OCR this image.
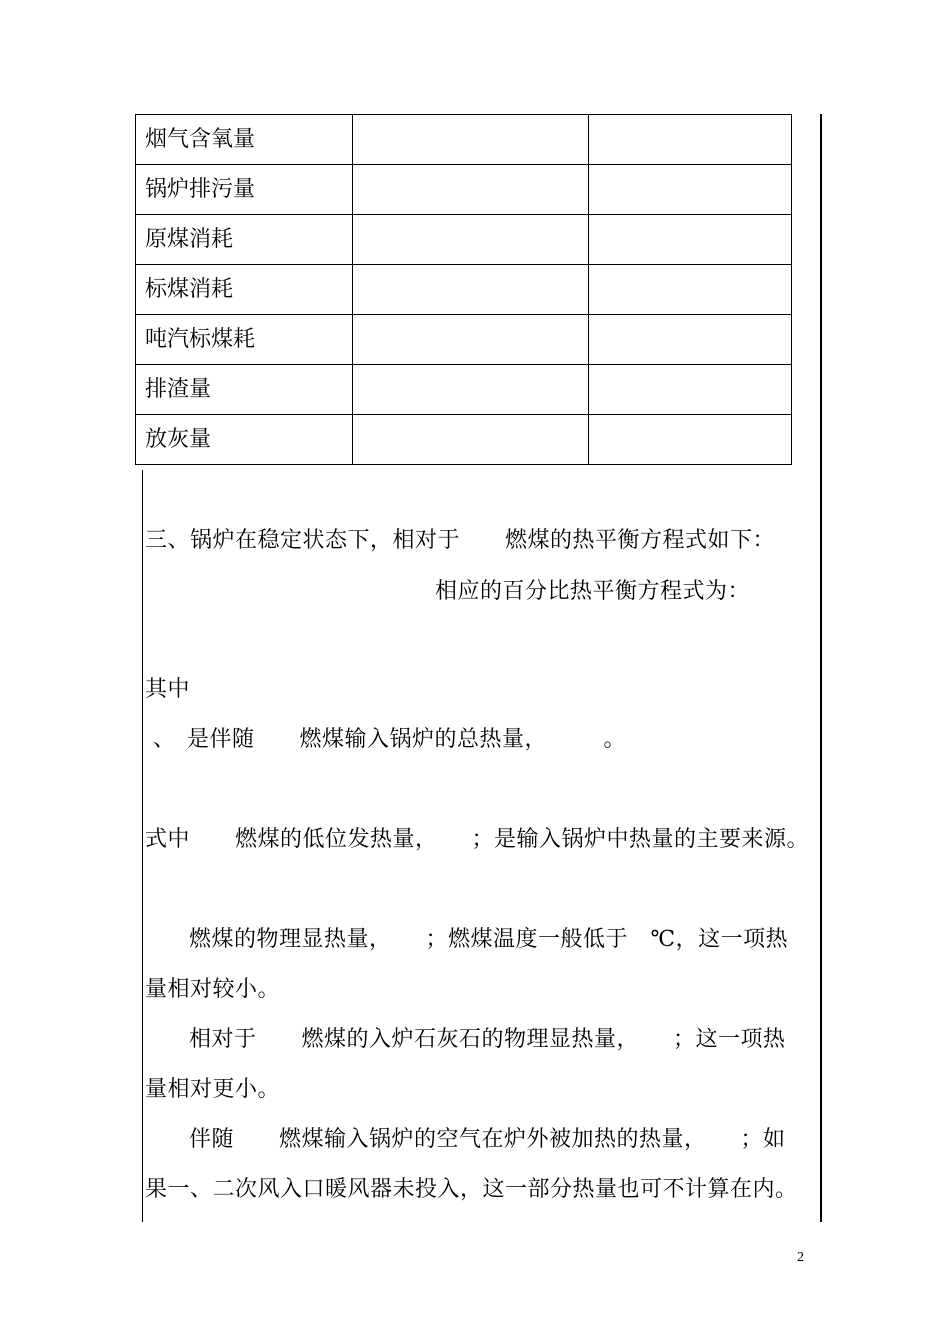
烟气含氧量		
锅炉排污量		
原煤消耗		
标煤消耗		
吨汽标煤耗		
排渣量		
放灰量		
三、锅炉在稳定状态下，相对于　　燃煤的热平衡方程式如下：
相应的百分比热平衡方程式为：
其中
、　是伴随　　燃煤输入锅炉的总热量，　　　。
式中　　燃煤的低位发热量，　　；是输入锅炉中热量的主要来源。
燃煤的物理显热量，　　；燃煤温度一般低于　℃，这一项热
量相对较小。
相对于　　燃煤的入炉石灰石的物理显热量，　　；这一项热
量相对更小。
伴随　　燃煤输入锅炉的空气在炉外被加热的热量，　　；如
果一、二次风入口暖风器未投入，这一部分热量也可不计算在内。
2
